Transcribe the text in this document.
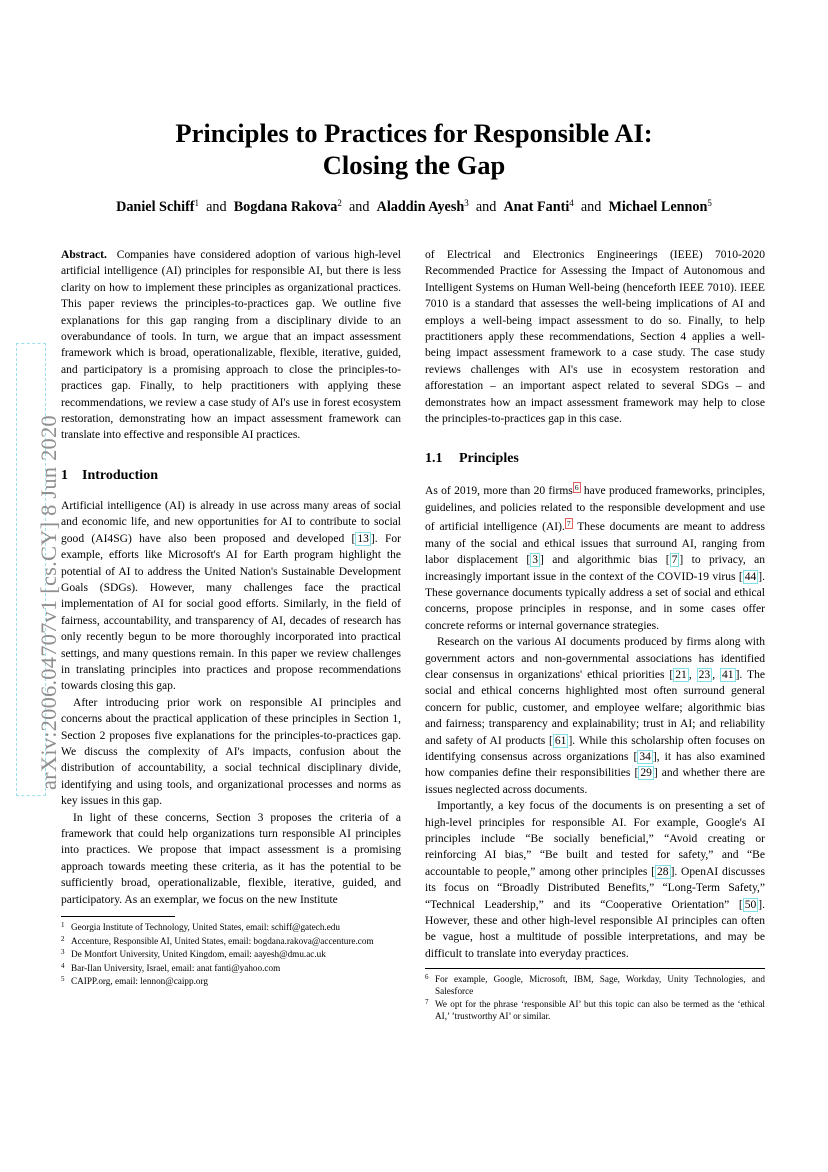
arXiv:2006.04707v1 [cs.CY] 8 Jun 2020
Principles to Practices for Responsible AI:
Closing the Gap
Daniel Schiff$^1$ and Bogdana Rakova$^2$ and Aladdin Ayesh$^3$ and Anat Fanti$^4$ and Michael Lennon$^5$

Abstract. Companies have considered adoption of various high-level artificial intelligence (AI) principles for responsible AI, but there is less clarity on how to implement these principles as organizational practices. This paper reviews the principles-to-practices gap. We outline five explanations for this gap ranging from a disciplinary divide to an overabundance of tools. In turn, we argue that an impact assessment framework which is broad, operationalizable, flexible, iterative, guided, and participatory is a promising approach to close the principles-to-practices gap. Finally, to help practitioners with applying these recommendations, we review a case study of AI's use in forest ecosystem restoration, demonstrating how an impact assessment framework can translate into effective and responsible AI practices.

1 Introduction

Artificial intelligence (AI) is already in use across many areas of social and economic life, and new opportunities for AI to contribute to social good (AI4SG) have also been proposed and developed [ 13 ]. For example, efforts like Microsoft's AI for Earth program highlight the potential of AI to address the United Nation's Sustainable Development Goals (SDGs). However, many challenges face the practical implementation of AI for social good efforts. Similarly, in the field of fairness, accountability, and transparency of AI, decades of research has only recently begun to be more thoroughly incorporated into practical settings, and many questions remain. In this paper we review challenges in translating principles into practices and propose recommendations towards closing this gap.

After introducing prior work on responsible AI principles and concerns about the practical application of these principles in Section 1, Section 2 proposes five explanations for the principles-to-practices gap. We discuss the complexity of AI's impacts, confusion about the distribution of accountability, a social technical disciplinary divide, identifying and using tools, and organizational processes and norms as key issues in this gap.

In light of these concerns, Section 3 proposes the criteria of a framework that could help organizations turn responsible AI principles into practices. We propose that impact assessment is a promising approach towards meeting these criteria, as it has the potential to be sufficiently broad, operationalizable, flexible, iterative, guided, and participatory. As an exemplar, we focus on the new Institute

$^1$ Georgia Institute of Technology, United States, email: schiff@gatech.edu
$^2$ Accenture, Responsible AI, United States, email: bogdana.rakova@accenture.com
$^3$ De Montfort University, United Kingdom, email: aayesh@dmu.ac.uk
$^4$ Bar-Ilan University, Israel, email: anat fanti@yahoo.com
$^5$ CAIPP.org, email: lennon@caipp.org

of Electrical and Electronics Engineerings (IEEE) 7010-2020 Recommended Practice for Assessing the Impact of Autonomous and Intelligent Systems on Human Well-being (henceforth IEEE 7010). IEEE 7010 is a standard that assesses the well-being implications of AI and employs a well-being impact assessment to do so. Finally, to help practitioners apply these recommendations, Section 4 applies a well-being impact assessment framework to a case study. The case study reviews challenges with AI's use in ecosystem restoration and afforestation – an important aspect related to several SDGs – and demonstrates how an impact assessment framework may help to close the principles-to-practices gap in this case.

1.1 Principles

As of 2019, more than 20 firms $^6$ have produced frameworks, principles, guidelines, and policies related to the responsible development and use of artificial intelligence (AI). $^7$ These documents are meant to address many of the social and ethical issues that surround AI, ranging from labor displacement [ 3 ] and algorithmic bias [ 7 ] to privacy, an increasingly important issue in the context of the COVID-19 virus [ 44 ]. These governance documents typically address a set of social and ethical concerns, propose principles in response, and in some cases offer concrete reforms or internal governance strategies.

Research on the various AI documents produced by firms along with government actors and non-governmental associations has identified clear consensus in organizations' ethical priorities [ 21 , 23 , 41 ]. The social and ethical concerns highlighted most often surround general concern for public, customer, and employee welfare; algorithmic bias and fairness; transparency and explainability; trust in AI; and reliability and safety of AI products [ 61 ]. While this scholarship often focuses on identifying consensus across organizations [ 34 ], it has also examined how companies define their responsibilities [ 29 ] and whether there are issues neglected across documents.

Importantly, a key focus of the documents is on presenting a set of high-level principles for responsible AI. For example, Google's AI principles include “Be socially beneficial,” “Avoid creating or reinforcing AI bias,” “Be built and tested for safety,” and “Be accountable to people,” among other principles [ 28 ]. OpenAI discusses its focus on “Broadly Distributed Benefits,” “Long-Term Safety,” “Technical Leadership,” and its “Cooperative Orientation” [ 50 ]. However, these and other high-level responsible AI principles can often be vague, host a multitude of possible interpretations, and may be difficult to translate into everyday practices.

$^6$ For example, Google, Microsoft, IBM, Sage, Workday, Unity Technologies, and Salesforce
$^7$ We opt for the phrase ‘responsible AI’ but this topic can also be termed as the ‘ethical AI,’ ’trustworthy AI’ or similar.
